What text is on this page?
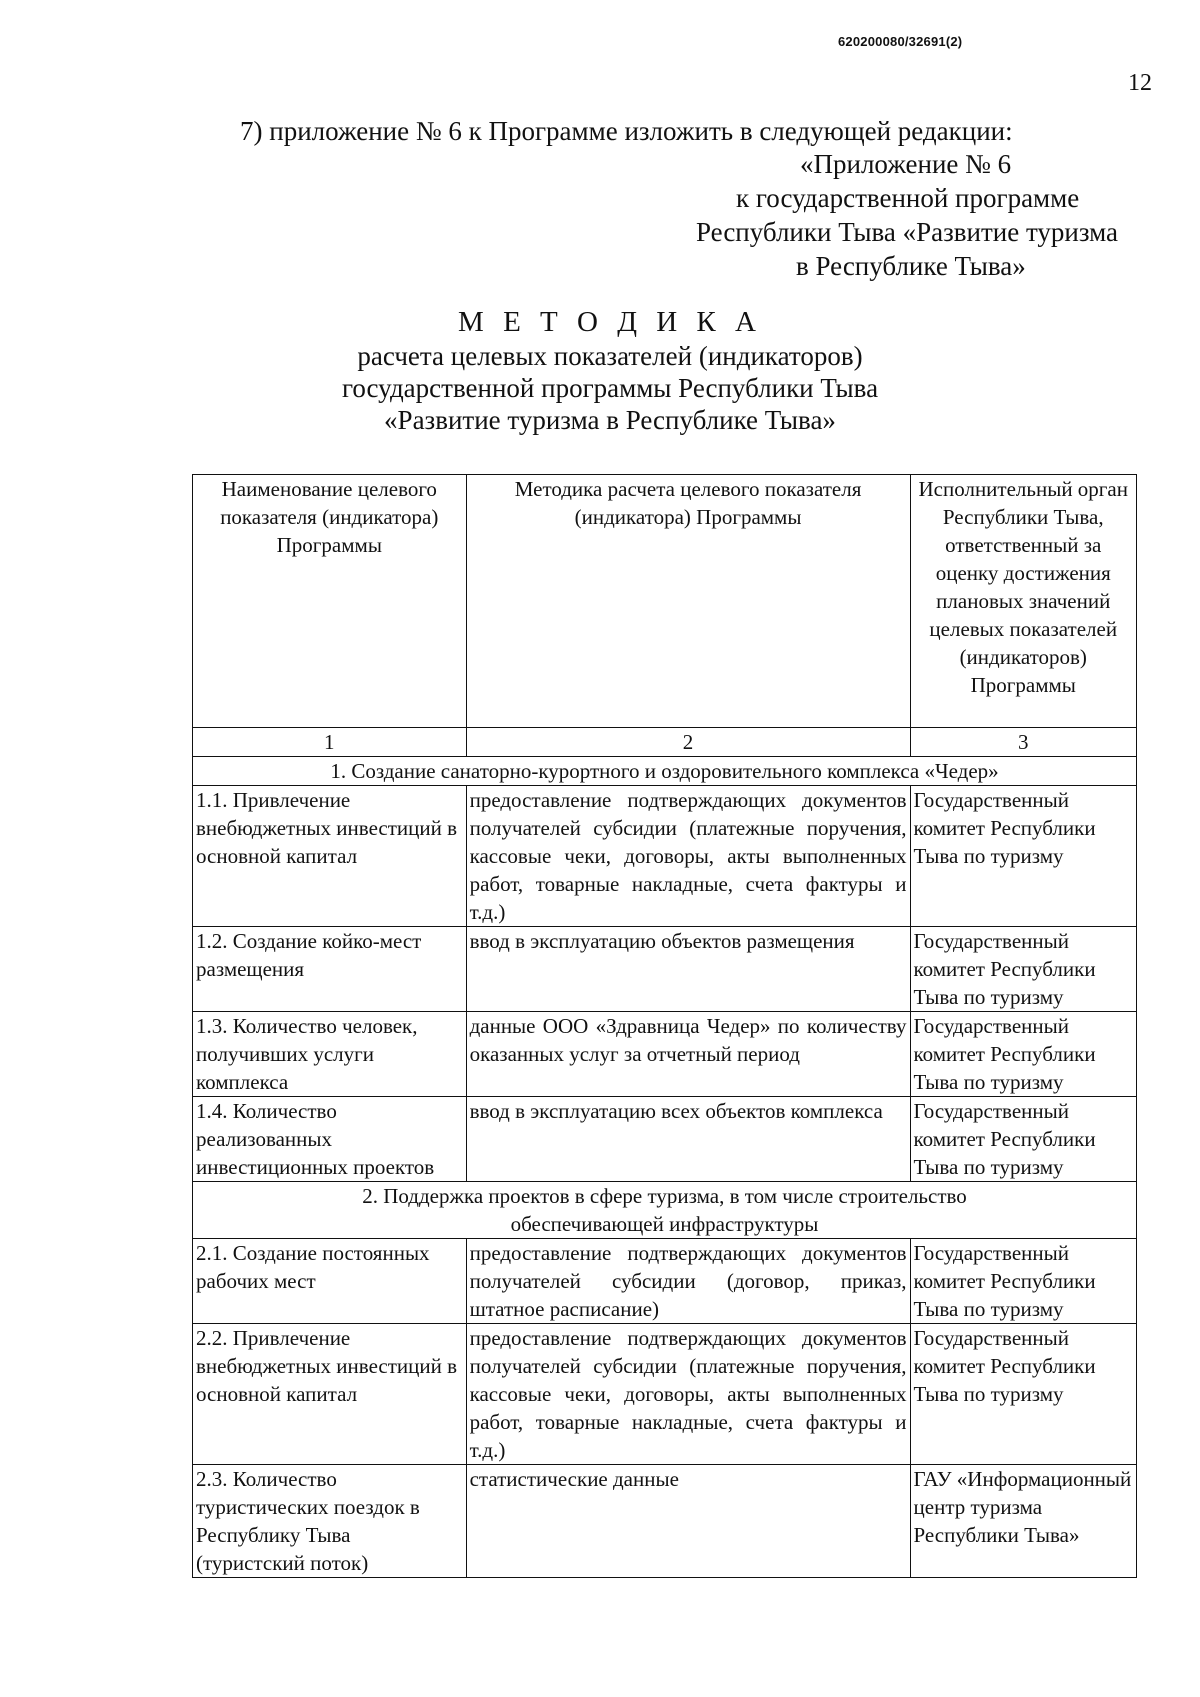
620200080/32691(2)
12
7) приложение № 6 к Программе изложить в следующей редакции:
«Приложение № 6
к государственной программе
Республики Тыва «Развитие туризма
в Республике Тыва»
М Е Т О Д И К А
расчета целевых показателей (индикаторов)
государственной программы Республики Тыва
«Развитие туризма в Республике Тыва»
Наименование целевого показателя (индикатора) Программы	Методика расчета целевого показателя (индикатора) Программы	Исполнительный орган Республики Тыва, ответственный за оценку достижения плановых значений целевых показателей (индикаторов) Программы
1	2	3
1. Создание санаторно-курортного и оздоровительного комплекса «Чедер»		
1.1. Привлечение внебюджетных инвестиций в основной капитал	предоставление подтверждающих документов получателей субсидии (платежные поручения, кассовые чеки, договоры, акты выполненных работ, товарные накладные, счета фактуры и т.д.)	Государственный комитет Республики Тыва по туризму
1.2. Создание койко-мест размещения	ввод в эксплуатацию объектов размещения	Государственный комитет Республики Тыва по туризму
1.3. Количество человек, получивших услуги комплекса	данные ООО «Здравница Чедер» по количеству оказанных услуг за отчетный период	Государственный комитет Республики Тыва по туризму
1.4. Количество реализованных инвестиционных проектов	ввод в эксплуатацию всех объектов комплекса	Государственный комитет Республики Тыва по туризму
2. Поддержка проектов в сфере туризма, в том числе строительство обеспечивающей инфраструктуры		
2.1. Создание постоянных рабочих мест	предоставление подтверждающих документов получателей субсидии (договор, приказ, штатное расписание)	Государственный комитет Республики Тыва по туризму
2.2. Привлечение внебюджетных инвестиций в основной капитал	предоставление подтверждающих документов получателей субсидии (платежные поручения, кассовые чеки, договоры, акты выполненных работ, товарные накладные, счета фактуры и т.д.)	Государственный комитет Республики Тыва по туризму
2.3. Количество туристических поездок в Республику Тыва (туристский поток)	статистические данные	ГАУ «Информационный центр туризма Республики Тыва»
